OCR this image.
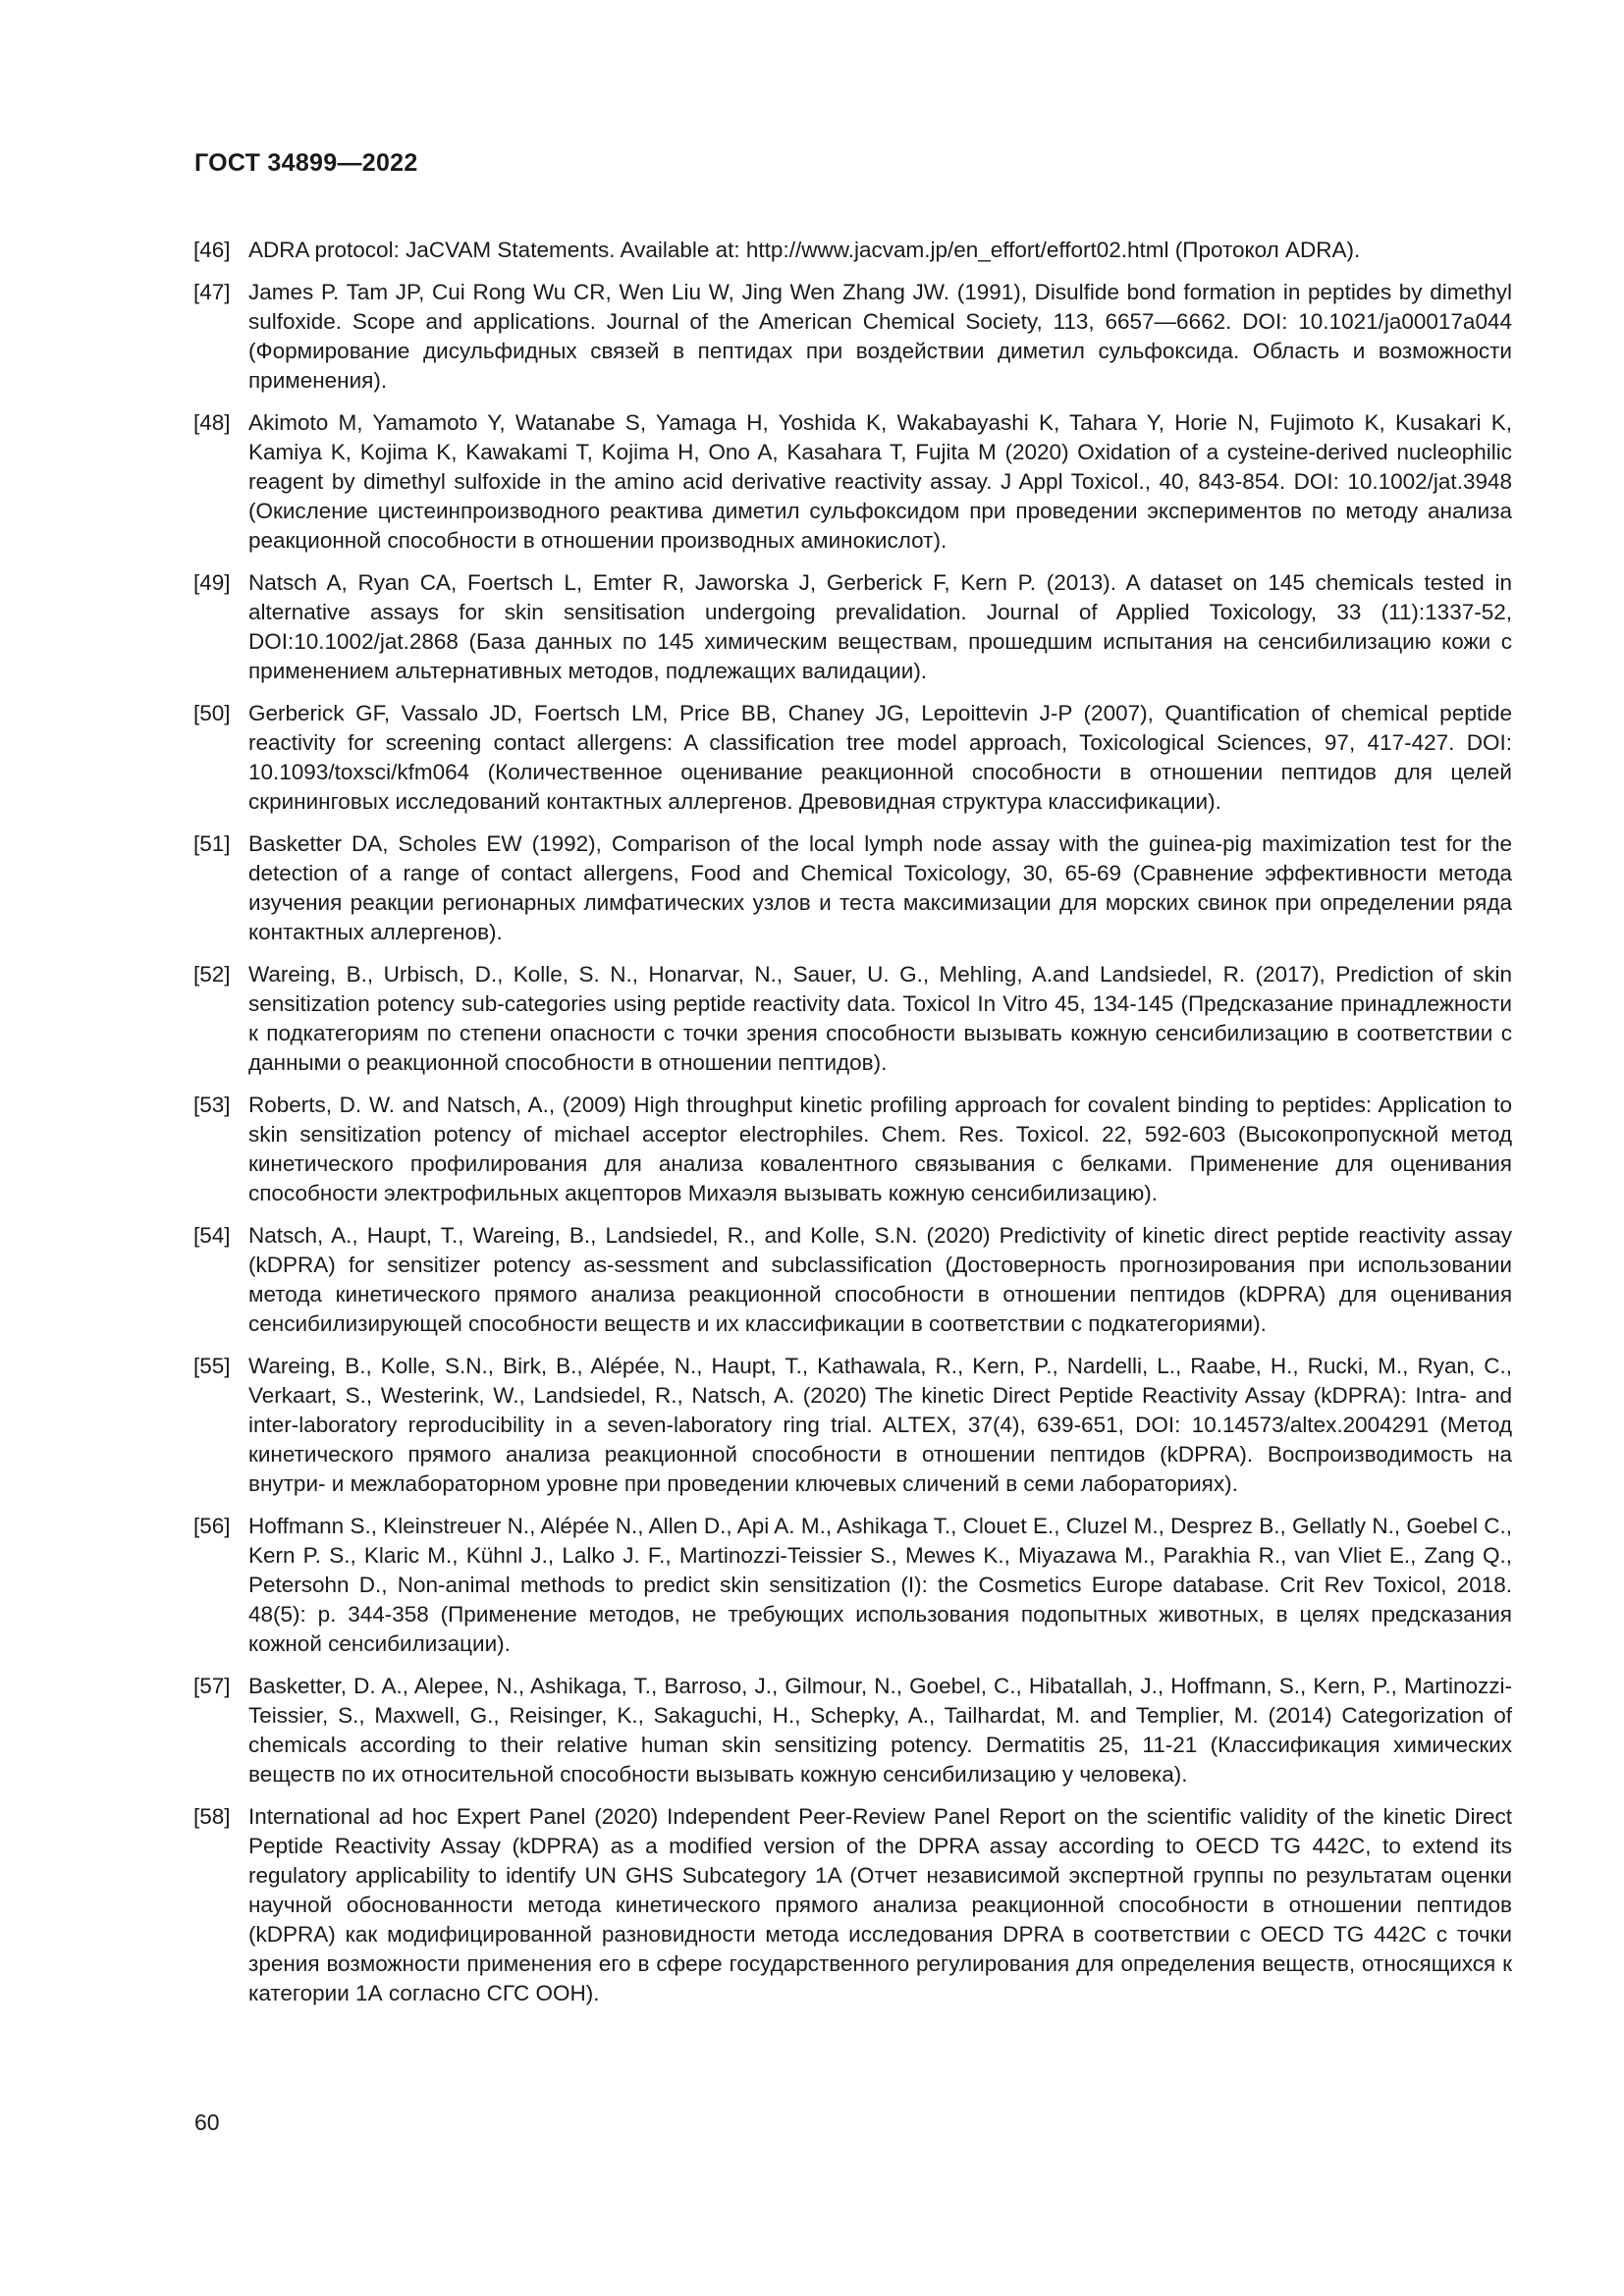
ГОСТ 34899—2022
[46] ADRA protocol: JaCVAM Statements. Available at: http://www.jacvam.jp/en_effort/effort02.html (Протокол ADRA).
[47] James P. Tam JP, Cui Rong Wu CR, Wen Liu W, Jing Wen Zhang JW. (1991), Disulfide bond formation in peptides by dimethyl sulfoxide. Scope and applications. Journal of the American Chemical Society, 113, 6657—6662. DOI: 10.1021/ja00017a044 (Формирование дисульфидных связей в пептидах при воздействии диметил сульфоксида. Область и возможности применения).
[48] Akimoto M, Yamamoto Y, Watanabe S, Yamaga H, Yoshida K, Wakabayashi K, Tahara Y, Horie N, Fujimoto K, Kusakari K, Kamiya K, Kojima K, Kawakami T, Kojima H, Ono A, Kasahara T, Fujita M (2020) Oxidation of a cysteine-derived nucleophilic reagent by dimethyl sulfoxide in the amino acid derivative reactivity assay. J Appl Toxicol., 40, 843-854. DOI: 10.1002/jat.3948 (Окисление цистеинпроизводного реактива диметил сульфоксидом при проведении экспериментов по методу анализа реакционной способности в отношении производных аминокислот).
[49] Natsch A, Ryan CA, Foertsch L, Emter R, Jaworska J, Gerberick F, Kern P. (2013). A dataset on 145 chemicals tested in alternative assays for skin sensitisation undergoing prevalidation. Journal of Applied Toxicology, 33 (11):1337-52, DOI:10.1002/jat.2868 (База данных по 145 химическим веществам, прошедшим испытания на сенсибилизацию кожи с применением альтернативных методов, подлежащих валидации).
[50] Gerberick GF, Vassalo JD, Foertsch LM, Price BB, Chaney JG, Lepoittevin J-P (2007), Quantification of chemical peptide reactivity for screening contact allergens: A classification tree model approach, Toxicological Sciences, 97, 417-427. DOI: 10.1093/toxsci/kfm064 (Количественное оценивание реакционной способности в отношении пептидов для целей скрининговых исследований контактных аллергенов. Древовидная структура классификации).
[51] Basketter DA, Scholes EW (1992), Comparison of the local lymph node assay with the guinea-pig maximization test for the detection of a range of contact allergens, Food and Chemical Toxicology, 30, 65-69 (Сравнение эффективности метода изучения реакции регионарных лимфатических узлов и теста максимизации для морских свинок при определении ряда контактных аллергенов).
[52] Wareing, B., Urbisch, D., Kolle, S. N., Honarvar, N., Sauer, U. G., Mehling, A.and Landsiedel, R. (2017), Prediction of skin sensitization potency sub-categories using peptide reactivity data. Toxicol In Vitro 45, 134-145 (Предсказание принадлежности к подкатегориям по степени опасности с точки зрения способности вызывать кожную сенсибилизацию в соответствии с данными о реакционной способности в отношении пептидов).
[53] Roberts, D. W. and Natsch, A., (2009) High throughput kinetic profiling approach for covalent binding to peptides: Application to skin sensitization potency of michael acceptor electrophiles. Chem. Res. Toxicol. 22, 592-603 (Высокопропускной метод кинетического профилирования для анализа ковалентного связывания с белками. Применение для оценивания способности электрофильных акцепторов Михаэля вызывать кожную сенсибилизацию).
[54] Natsch, A., Haupt, T., Wareing, B., Landsiedel, R., and Kolle, S.N. (2020) Predictivity of kinetic direct peptide reactivity assay (kDPRA) for sensitizer potency as-sessment and subclassification (Достоверность прогнозирования при использовании метода кинетического прямого анализа реакционной способности в отношении пептидов (kDPRA) для оценивания сенсибилизирующей способности веществ и их классификации в соответствии с подкатегориями).
[55] Wareing, B., Kolle, S.N., Birk, B., Alépée, N., Haupt, T., Kathawala, R., Kern, P., Nardelli, L., Raabe, H., Rucki, M., Ryan, C., Verkaart, S., Westerink, W., Landsiedel, R., Natsch, A. (2020) The kinetic Direct Peptide Reactivity Assay (kDPRA): Intra- and inter-laboratory reproducibility in a seven-laboratory ring trial. ALTEX, 37(4), 639-651, DOI: 10.14573/altex.2004291 (Метод кинетического прямого анализа реакционной способности в отношении пептидов (kDPRA). Воспроизводимость на внутри- и межлабораторном уровне при проведении ключевых сличений в семи лабораториях).
[56] Hoffmann S., Kleinstreuer N., Alépée N., Allen D., Api A. M., Ashikaga T., Clouet E., Cluzel M., Desprez B., Gellatly N., Goebel C., Kern P. S., Klaric M., Kühnl J., Lalko J. F., Martinozzi-Teissier S., Mewes K., Miyazawa M., Parakhia R., van Vliet E., Zang Q., Petersohn D., Non-animal methods to predict skin sensitization (I): the Cosmetics Europe database. Crit Rev Toxicol, 2018. 48(5): p. 344-358 (Применение методов, не требующих использования подопытных животных, в целях предсказания кожной сенсибилизации).
[57] Basketter, D. A., Alepee, N., Ashikaga, T., Barroso, J., Gilmour, N., Goebel, C., Hibatallah, J., Hoffmann, S., Kern, P., Martinozzi-Teissier, S., Maxwell, G., Reisinger, K., Sakaguchi, H., Schepky, A., Tailhardat, M. and Templier, M. (2014) Categorization of chemicals according to their relative human skin sensitizing potency. Dermatitis 25, 11-21 (Классификация химических веществ по их относительной способности вызывать кожную сенсибилизацию у человека).
[58] International ad hoc Expert Panel (2020) Independent Peer-Review Panel Report on the scientific validity of the kinetic Direct Peptide Reactivity Assay (kDPRA) as a modified version of the DPRA assay according to OECD TG 442C, to extend its regulatory applicability to identify UN GHS Subcategory 1A (Отчет независимой экспертной группы по результатам оценки научной обоснованности метода кинетического прямого анализа реакционной способности в отношении пептидов (kDPRA) как модифицированной разновидности метода исследования DPRA в соответствии с OECD TG 442C с точки зрения возможности применения его в сфере государственного регулирования для определения веществ, относящихся к категории 1А согласно СГС ООН).
60
